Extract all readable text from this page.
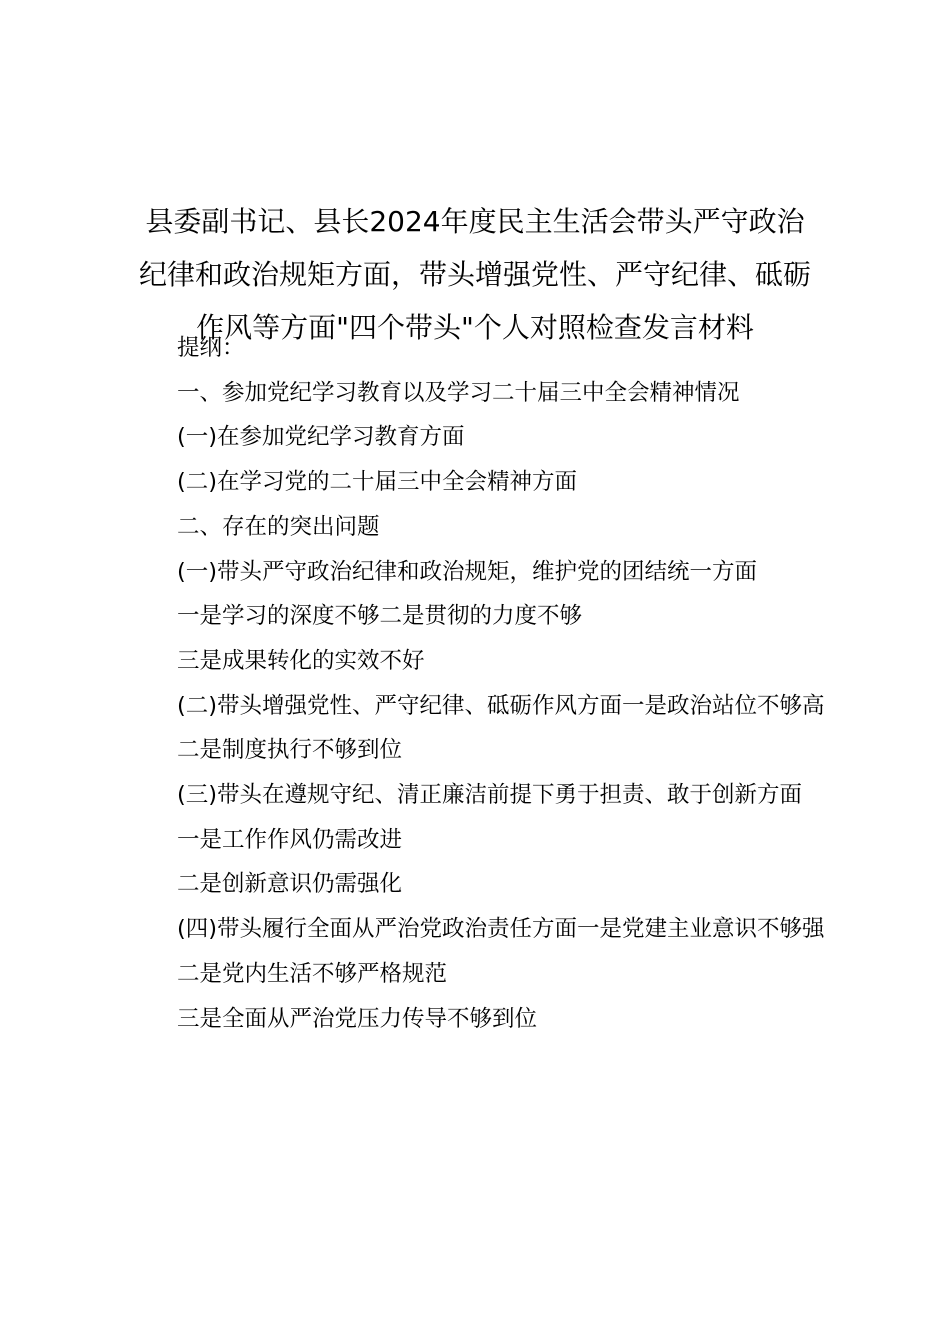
县委副书记、县长2024年度民主生活会带头严守政治
纪律和政治规矩方面，带头增强党性、严守纪律、砥砺
作风等方面"四个带头"个人对照检查发言材料

提纲：

一、参加党纪学习教育以及学习二十届三中全会精神情况

(一)在参加党纪学习教育方面

(二)在学习党的二十届三中全会精神方面

二、存在的突出问题

(一)带头严守政治纪律和政治规矩，维护党的团结统一方面

一是学习的深度不够二是贯彻的力度不够

三是成果转化的实效不好

(二)带头增强党性、严守纪律、砥砺作风方面一是政治站位不够高

二是制度执行不够到位

(三)带头在遵规守纪、清正廉洁前提下勇于担责、敢于创新方面

一是工作作风仍需改进

二是创新意识仍需强化

(四)带头履行全面从严治党政治责任方面一是党建主业意识不够强

二是党内生活不够严格规范

三是全面从严治党压力传导不够到位
